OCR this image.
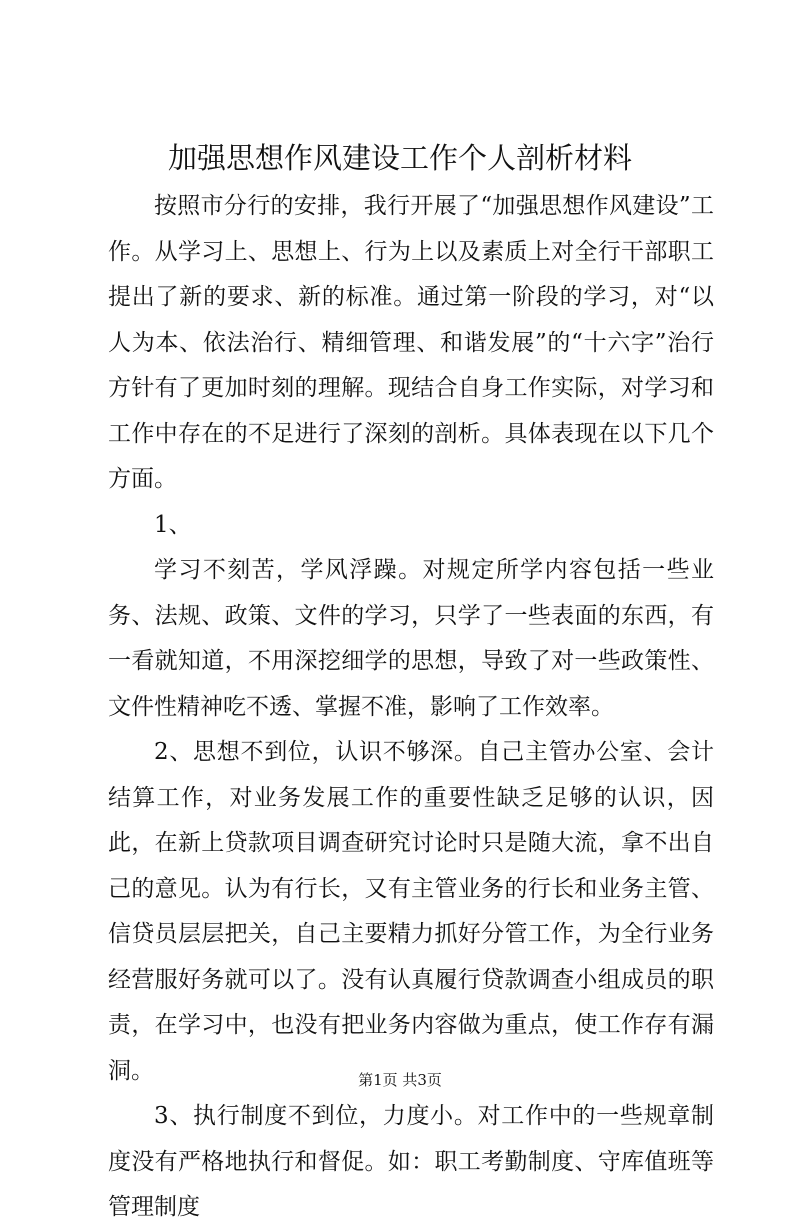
加强思想作风建设工作个人剖析材料

按照市分行的安排，我行开展了“加强思想作风建设”工作。从学习上、思想上、行为上以及素质上对全行干部职工提出了新的要求、新的标准。通过第一阶段的学习，对“以人为本、依法治行、精细管理、和谐发展”的“十六字”治行方针有了更加时刻的理解。现结合自身工作实际，对学习和工作中存在的不足进行了深刻的剖析。具体表现在以下几个方面。

1、

学习不刻苦，学风浮躁。对规定所学内容包括一些业务、法规、政策、文件的学习，只学了一些表面的东西，有一看就知道，不用深挖细学的思想，导致了对一些政策性、文件性精神吃不透、掌握不准，影响了工作效率。

2、思想不到位，认识不够深。自己主管办公室、会计结算工作，对业务发展工作的重要性缺乏足够的认识，因此，在新上贷款项目调查研究讨论时只是随大流，拿不出自己的意见。认为有行长，又有主管业务的行长和业务主管、信贷员层层把关，自己主要精力抓好分管工作，为全行业务经营服好务就可以了。没有认真履行贷款调查小组成员的职责，在学习中，也没有把业务内容做为重点，使工作存有漏洞。

3、执行制度不到位，力度小。对工作中的一些规章制度没有严格地执行和督促。如：职工考勤制度、守库值班等管理制度

第1页 共3页
